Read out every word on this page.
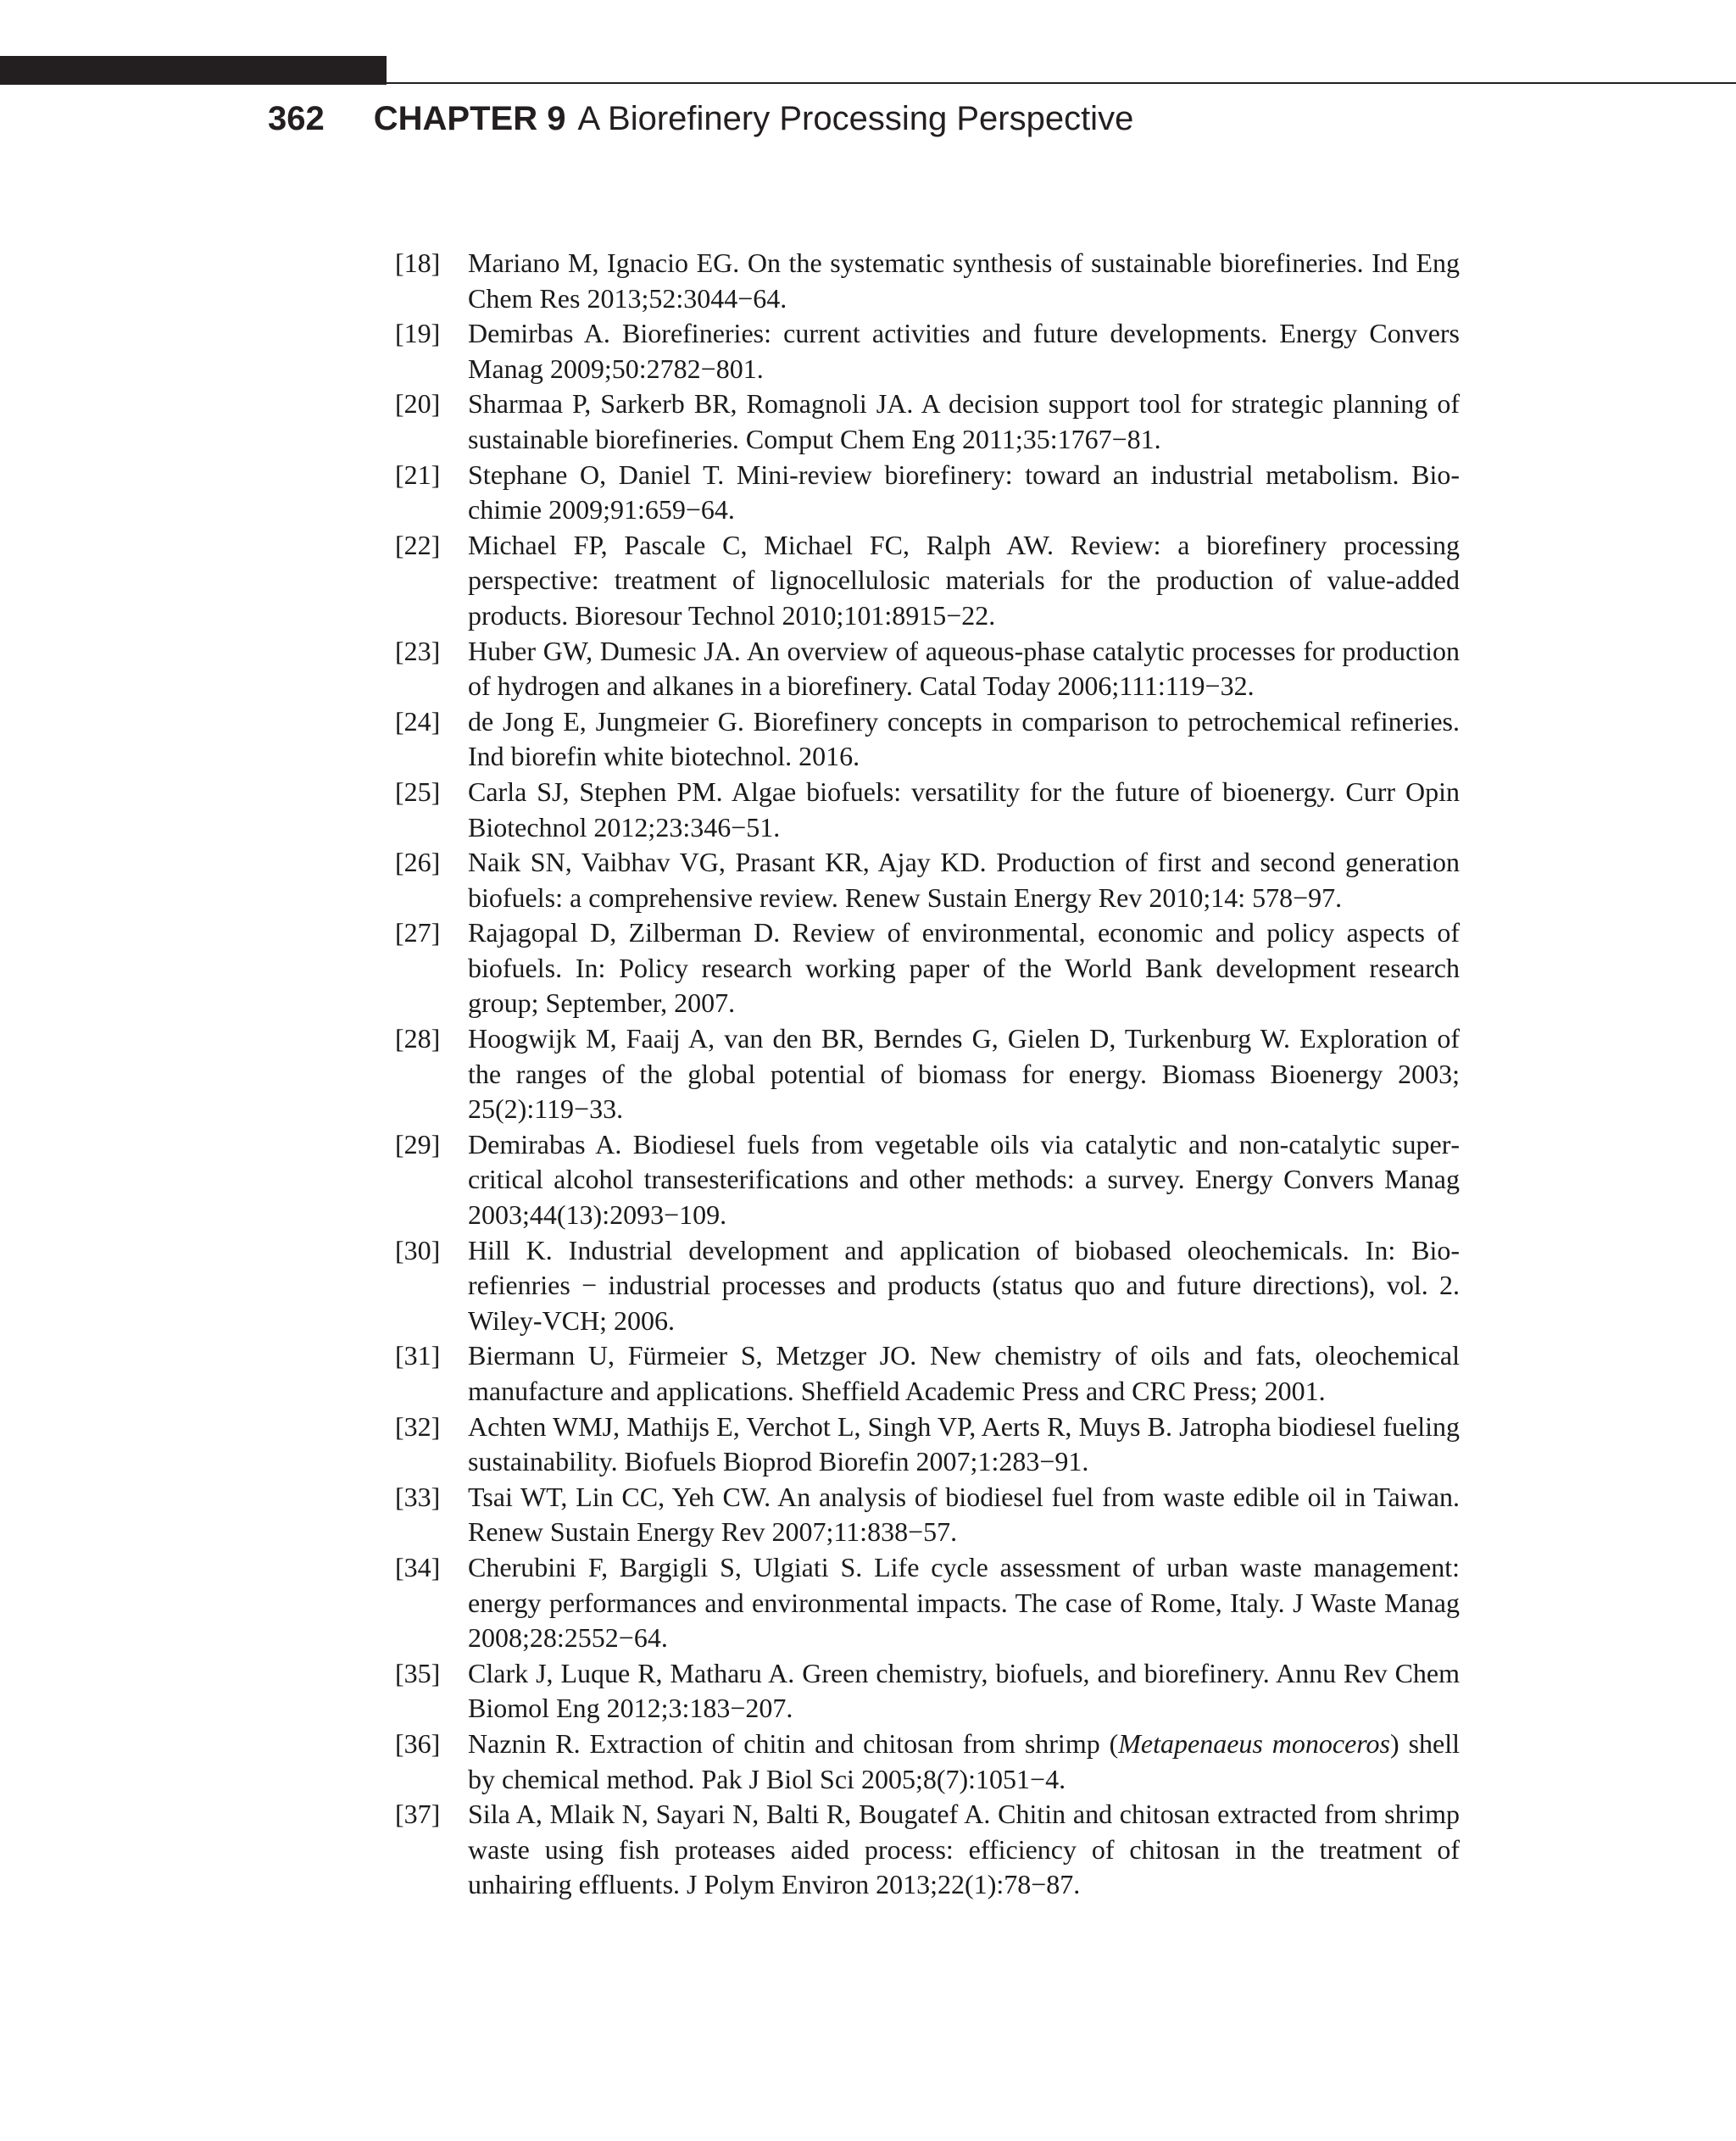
362 CHAPTER 9 A Biorefinery Processing Perspective
[18] Mariano M, Ignacio EG. On the systematic synthesis of sustainable biorefineries. Ind Eng Chem Res 2013;52:3044−64.
[19] Demirbas A. Biorefineries: current activities and future developments. Energy Convers Manag 2009;50:2782−801.
[20] Sharmaa P, Sarkerb BR, Romagnoli JA. A decision support tool for strategic planning of sustainable biorefineries. Comput Chem Eng 2011;35:1767−81.
[21] Stephane O, Daniel T. Mini-review biorefinery: toward an industrial metabolism. Biochimie 2009;91:659−64.
[22] Michael FP, Pascale C, Michael FC, Ralph AW. Review: a biorefinery processing perspective: treatment of lignocellulosic materials for the production of value-added products. Bioresour Technol 2010;101:8915−22.
[23] Huber GW, Dumesic JA. An overview of aqueous-phase catalytic processes for production of hydrogen and alkanes in a biorefinery. Catal Today 2006;111:119−32.
[24] de Jong E, Jungmeier G. Biorefinery concepts in comparison to petrochemical refineries. Ind biorefin white biotechnol. 2016.
[25] Carla SJ, Stephen PM. Algae biofuels: versatility for the future of bioenergy. Curr Opin Biotechnol 2012;23:346−51.
[26] Naik SN, Vaibhav VG, Prasant KR, Ajay KD. Production of first and second generation biofuels: a comprehensive review. Renew Sustain Energy Rev 2010;14: 578−97.
[27] Rajagopal D, Zilberman D. Review of environmental, economic and policy aspects of biofuels. In: Policy research working paper of the World Bank development research group; September, 2007.
[28] Hoogwijk M, Faaij A, van den BR, Berndes G, Gielen D, Turkenburg W. Exploration of the ranges of the global potential of biomass for energy. Biomass Bioenergy 2003; 25(2):119−33.
[29] Demirabas A. Biodiesel fuels from vegetable oils via catalytic and non-catalytic supercritical alcohol transesterifications and other methods: a survey. Energy Convers Manag 2003;44(13):2093−109.
[30] Hill K. Industrial development and application of biobased oleochemicals. In: Biorefienries − industrial processes and products (status quo and future directions), vol. 2. Wiley-VCH; 2006.
[31] Biermann U, Fürmeier S, Metzger JO. New chemistry of oils and fats, oleochemical manufacture and applications. Sheffield Academic Press and CRC Press; 2001.
[32] Achten WMJ, Mathijs E, Verchot L, Singh VP, Aerts R, Muys B. Jatropha biodiesel fueling sustainability. Biofuels Bioprod Biorefin 2007;1:283−91.
[33] Tsai WT, Lin CC, Yeh CW. An analysis of biodiesel fuel from waste edible oil in Taiwan. Renew Sustain Energy Rev 2007;11:838−57.
[34] Cherubini F, Bargigli S, Ulgiati S. Life cycle assessment of urban waste management: energy performances and environmental impacts. The case of Rome, Italy. J Waste Manag 2008;28:2552−64.
[35] Clark J, Luque R, Matharu A. Green chemistry, biofuels, and biorefinery. Annu Rev Chem Biomol Eng 2012;3:183−207.
[36] Naznin R. Extraction of chitin and chitosan from shrimp (Metapenaeus monoceros) shell by chemical method. Pak J Biol Sci 2005;8(7):1051−4.
[37] Sila A, Mlaik N, Sayari N, Balti R, Bougatef A. Chitin and chitosan extracted from shrimp waste using fish proteases aided process: efficiency of chitosan in the treatment of unhairing effluents. J Polym Environ 2013;22(1):78−87.
